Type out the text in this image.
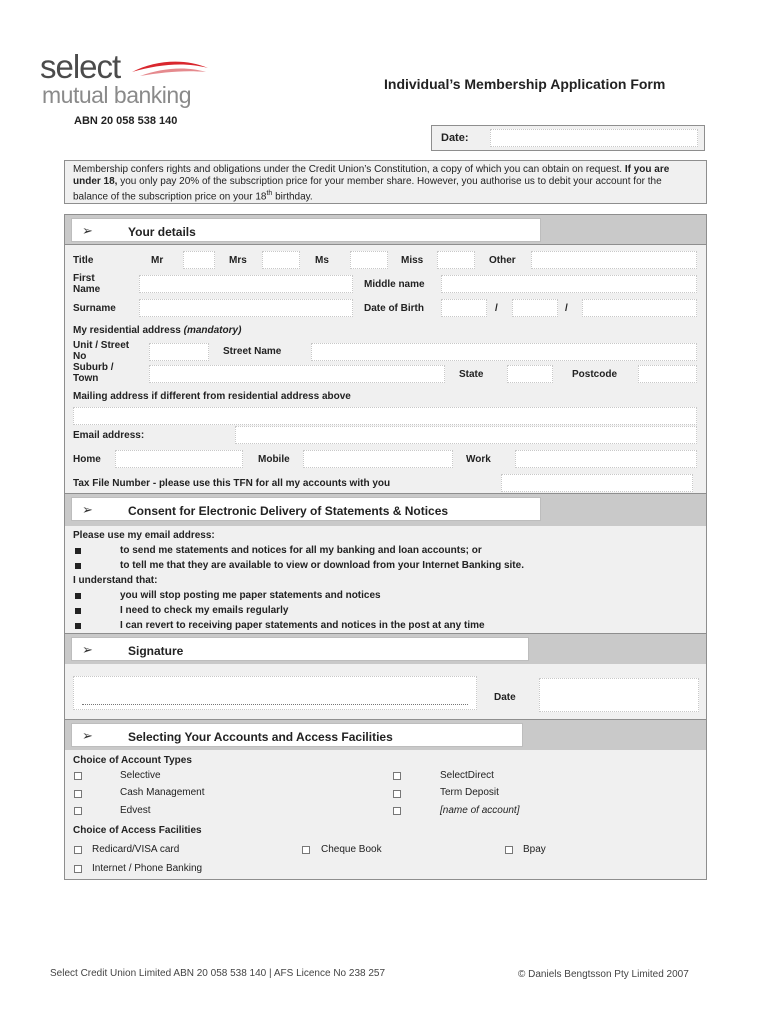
select
mutual banking	Individual’s Membership Application Form
ABN 20 058 538 140
Date:
Membership confers rights and obligations under the Credit Union’s Constitution, a copy of which you can obtain on request. If you are under 18, you only pay 20% of the subscription price for your member share. However, you authorise us to debit your account for the balance of the subscription price on your 18th birthday.
➢	Your details
Title	Mr	Mrs	Ms	Miss	Other
First Name	Middle name
Surname	Date of Birth	/	/
My residential address (mandatory)
Unit / Street No	Street Name
Suburb / Town	State	Postcode
Mailing address if different from residential address above
Email address:
Home	Mobile	Work
Tax File Number - please use this TFN for all my accounts with you
➢	Consent for Electronic Delivery of Statements & Notices
Please use my email address:
to send me statements and notices for all my banking and loan accounts; or
to tell me that they are available to view or download from your Internet Banking site.
I understand that:
you will stop posting me paper statements and notices
I need to check my emails regularly
I can revert to receiving paper statements and notices in the post at any time
➢	Signature
Date
➢	Selecting Your Accounts and Access Facilities
Choice of Account Types
Selective	SelectDirect
Cash Management	Term Deposit
Edvest	[name of account]
Choice of Access Facilities
Redicard/VISA card	Cheque Book	Bpay
Internet / Phone Banking
Select Credit Union Limited ABN 20 058 538 140 | AFS Licence No 238 257	© Daniels Bengtsson Pty Limited 2007
